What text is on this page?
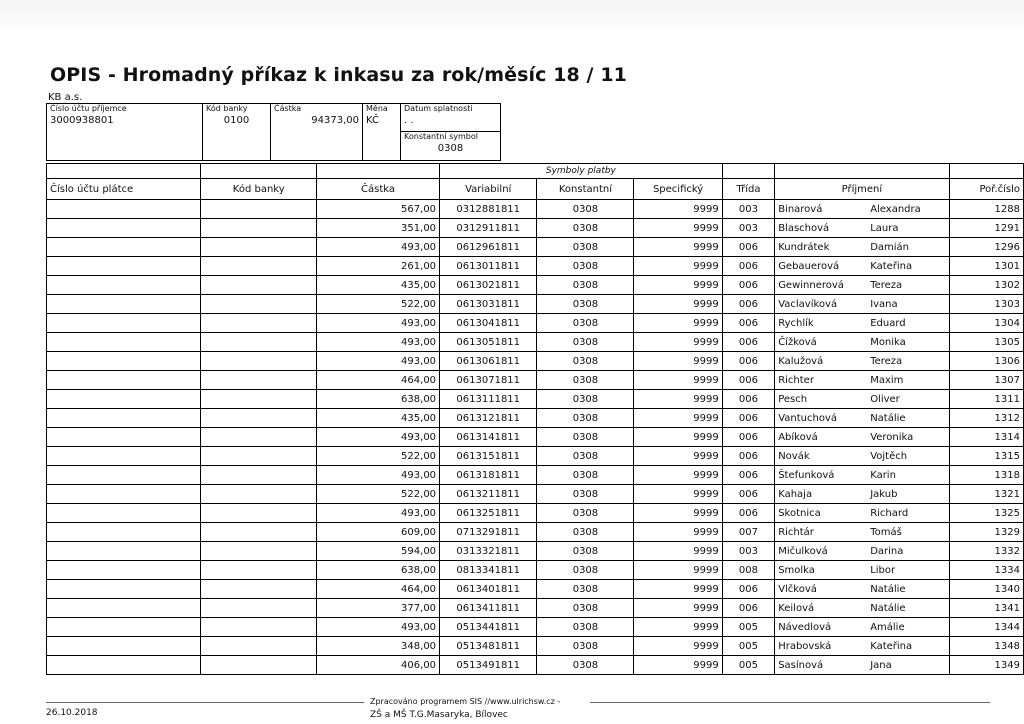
OPIS - Hromadný příkaz k inkasu za rok/měsíc 18 / 11
KB a.s.
Číslo účtu příjemce
3000938801

Kód banky
0100

Částka
94373,00

Měna
KČ

Datum splatnosti
. .
Konstantní symbol
0308
			Symboly platby					
Číslo účtu plátce	Kód banky	Částka	Variabilní	Konstantní	Specifický	Třída	Příjmení	Poř.číslo
		567,00	0312881811	0308	9999	003	Binarová Alexandra	1288
		351,00	0312911811	0308	9999	003	Blaschová Laura	1291
		493,00	0612961811	0308	9999	006	Kundrátek Damián	1296
		261,00	0613011811	0308	9999	006	Gebauerová Kateřina	1301
		435,00	0613021811	0308	9999	006	Gewinnerová Tereza	1302
		522,00	0613031811	0308	9999	006	Vaclavíková Ivana	1303
		493,00	0613041811	0308	9999	006	Rychlík Eduard	1304
		493,00	0613051811	0308	9999	006	Čížková Monika	1305
		493,00	0613061811	0308	9999	006	Kalužová Tereza	1306
		464,00	0613071811	0308	9999	006	Richter Maxim	1307
		638,00	0613111811	0308	9999	006	Pesch Oliver	1311
		435,00	0613121811	0308	9999	006	Vantuchová Natálie	1312
		493,00	0613141811	0308	9999	006	Abíková Veronika	1314
		522,00	0613151811	0308	9999	006	Novák Vojtěch	1315
		493,00	0613181811	0308	9999	006	Štefunková Karin	1318
		522,00	0613211811	0308	9999	006	Kahaja Jakub	1321
		493,00	0613251811	0308	9999	006	Skotnica Richard	1325
		609,00	0713291811	0308	9999	007	Richtár Tomáš	1329
		594,00	0313321811	0308	9999	003	Mičulková Darina	1332
		638,00	0813341811	0308	9999	008	Smolka Libor	1334
		464,00	0613401811	0308	9999	006	Vlčková Natálie	1340
		377,00	0613411811	0308	9999	006	Keilová Natálie	1341
		493,00	0513441811	0308	9999	005	Návedlová Amálie	1344
		348,00	0513481811	0308	9999	005	Hrabovská Kateřina	1348
		406,00	0513491811	0308	9999	005	Sasínová Jana	1349
26.10.2018
Zpracováno programem SIS //www.ulrichsw.cz -
ZŠ a MŠ T.G.Masaryka, Bílovec
